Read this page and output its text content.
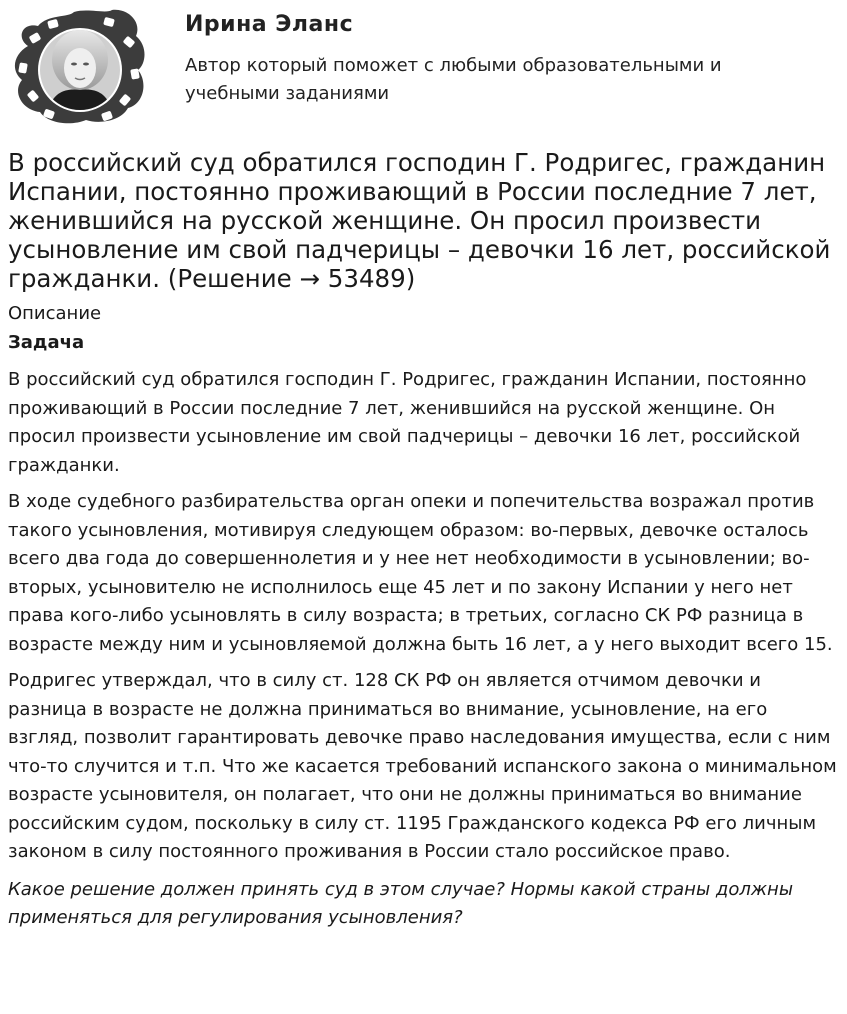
Ирина Эланс
Автор который поможет с любыми образовательными и учебными заданиями
В российский суд обратился господин Г. Родригес, гражданин Испании, постоянно проживающий в России последние 7 лет, женившийся на русской женщине. Он просил произвести усыновление им свой падчерицы – девочки 16 лет, российской гражданки. (Решение → 53489)
Описание
Задача

В российский суд обратился господин Г. Родригес, гражданин Испании, постоянно проживающий в России последние 7 лет, женившийся на русской женщине. Он просил произвести усыновление им свой падчерицы – девочки 16 лет, российской гражданки.

В ходе судебного разбирательства орган опеки и попечительства возражал против такого усыновления, мотивируя следующем образом: во-первых, девочке осталось всего два года до совершеннолетия и у нее нет необходимости в усыновлении; во-вторых, усыновителю не исполнилось еще 45 лет и по закону Испании у него нет права кого-либо усыновлять в силу возраста; в третьих, согласно СК РФ разница в возрасте между ним и усыновляемой должна быть 16 лет, а у него выходит всего 15.

Родригес утверждал, что в силу ст. 128 СК РФ он является отчимом девочки и разница в возрасте не должна приниматься во внимание, усыновление, на его взгляд, позволит гарантировать девочке право наследования имущества, если с ним что-то случится и т.п. Что же касается требований испанского закона о минимальном возрасте усыновителя, он полагает, что они не должны приниматься во внимание российским судом, поскольку в силу ст. 1195 Гражданского кодекса РФ его личным законом в силу постоянного проживания в России стало российское право.

Какое решение должен принять суд в этом случае? Нормы какой страны должны применяться для регулирования усыновления?
